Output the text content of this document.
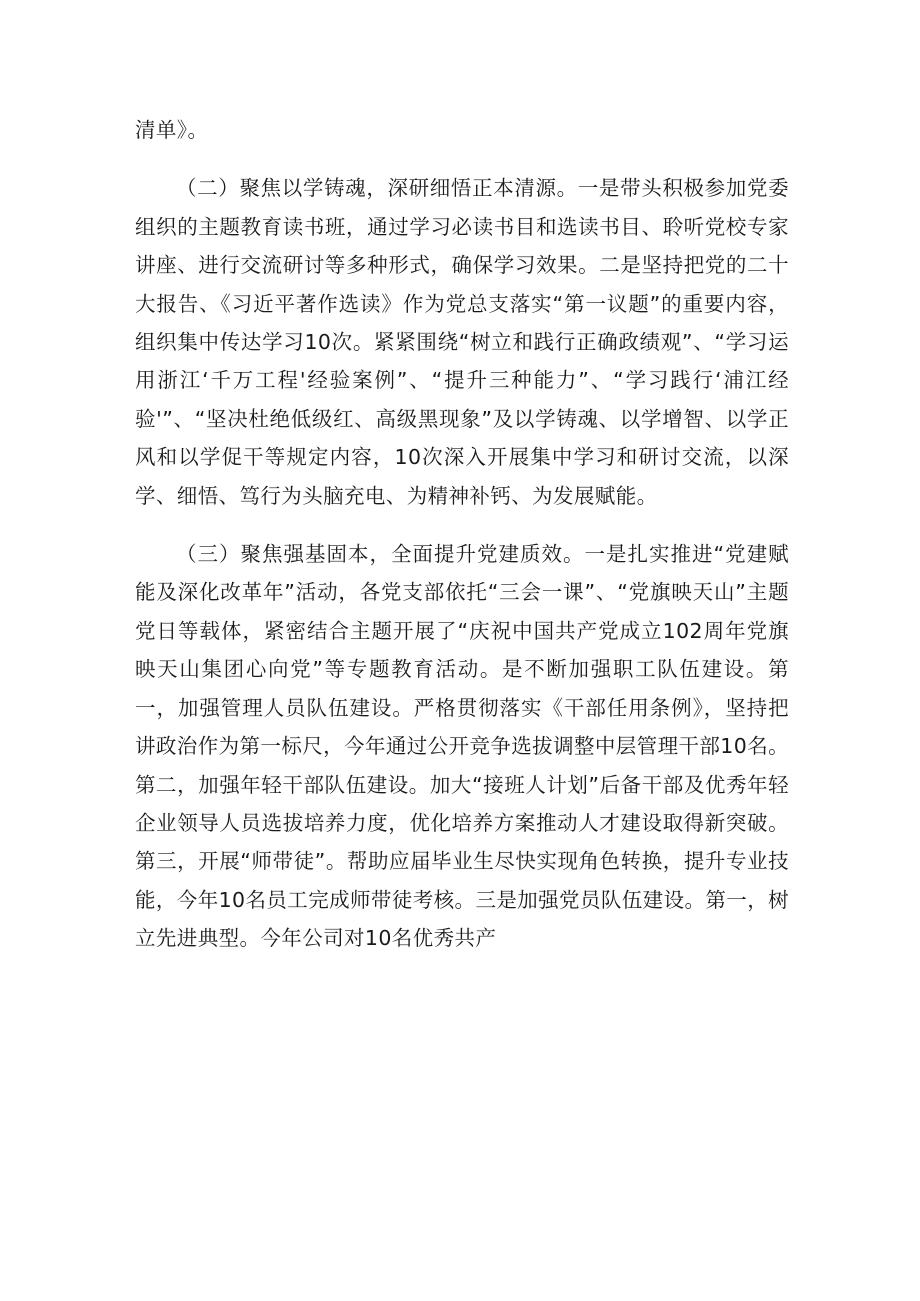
清单》。

（二）聚焦以学铸魂，深研细悟正本清源。一是带头积极参加党委组织的主题教育读书班，通过学习必读书目和选读书目、聆听党校专家讲座、进行交流研讨等多种形式，确保学习效果。二是坚持把党的二十大报告、《习近平著作选读》作为党总支落实“第一议题”的重要内容，组织集中传达学习10次。紧紧围绕“树立和践行正确政绩观”、“学习运用浙江‘千万工程'经验案例”、“提升三种能力”、“学习践行‘浦江经验'”、“坚决杜绝低级红、高级黑现象”及以学铸魂、以学增智、以学正风和以学促干等规定内容，10次深入开展集中学习和研讨交流，以深学、细悟、笃行为头脑充电、为精神补钙、为发展赋能。

（三）聚焦强基固本，全面提升党建质效。一是扎实推进“党建赋能及深化改革年”活动，各党支部依托“三会一课”、“党旗映天山”主题党日等载体，紧密结合主题开展了“庆祝中国共产党成立102周年党旗映天山集团心向党”等专题教育活动。是不断加强职工队伍建设。第一，加强管理人员队伍建设。严格贯彻落实《干部任用条例》，坚持把讲政治作为第一标尺，今年通过公开竞争选拔调整中层管理干部10名。第二，加强年轻干部队伍建设。加大“接班人计划”后备干部及优秀年轻企业领导人员选拔培养力度，优化培养方案推动人才建设取得新突破。第三，开展“师带徒”。帮助应届毕业生尽快实现角色转换，提升专业技能，今年10名员工完成师带徒考核。三是加强党员队伍建设。第一，树立先进典型。今年公司对10名优秀共产
